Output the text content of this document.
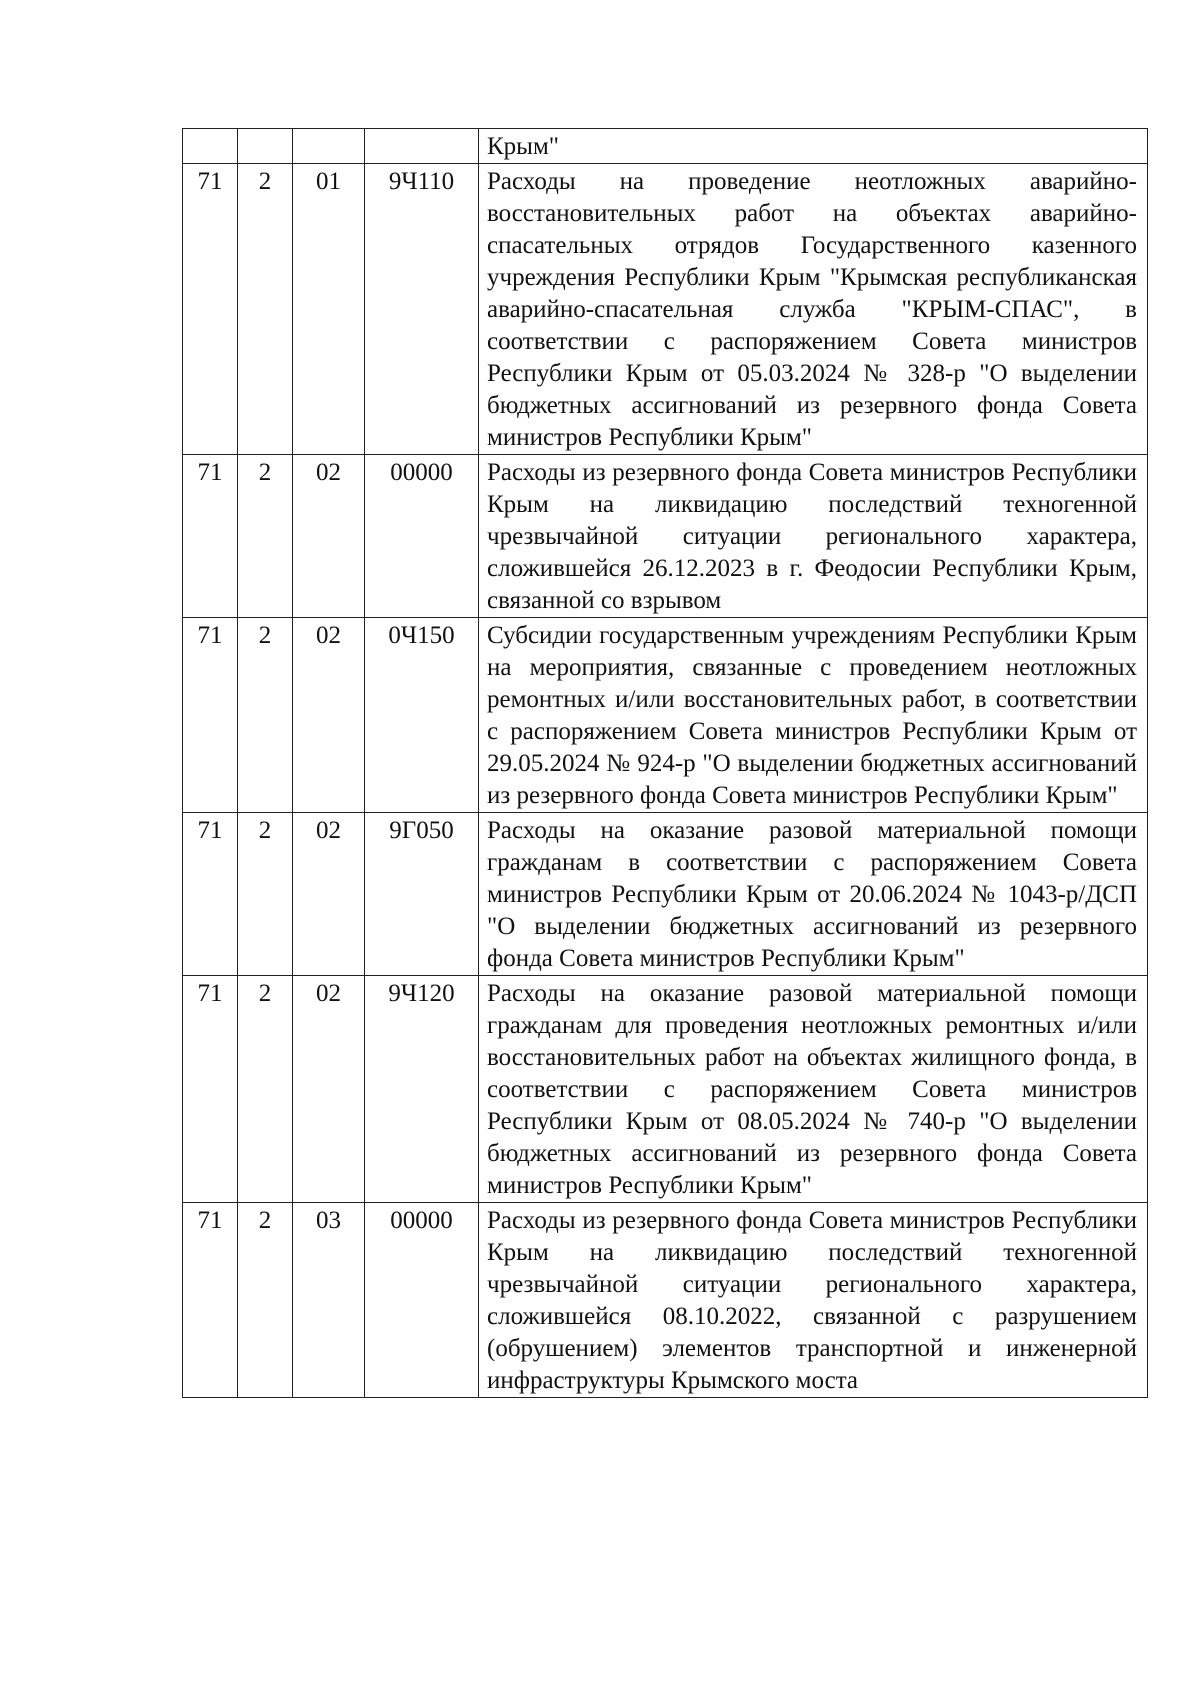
				Крым"
71	2	01	9Ч110	Расходы на проведение неотложных аварийно-восстановительных работ на объектах аварийно-спасательных отрядов Государственного казенного учреждения Республики Крым "Крымская республиканская аварийно-спасательная служба "КРЫМ-СПАС", в соответствии с распоряжением Совета министров Республики Крым от 05.03.2024 № 328-р "О выделении бюджетных ассигнований из резервного фонда Совета министров Республики Крым"
71	2	02	00000	Расходы из резервного фонда Совета министров Республики Крым на ликвидацию последствий техногенной чрезвычайной ситуации регионального характера, сложившейся 26.12.2023 в г. Феодосии Республики Крым, связанной со взрывом
71	2	02	0Ч150	Субсидии государственным учреждениям Республики Крым на мероприятия, связанные с проведением неотложных ремонтных и/или восстановительных работ, в соответствии с распоряжением Совета министров Республики Крым от 29.05.2024 № 924-р "О выделении бюджетных ассигнований из резервного фонда Совета министров Республики Крым"
71	2	02	9Г050	Расходы на оказание разовой материальной помощи гражданам в соответствии с распоряжением Совета министров Республики Крым от 20.06.2024 № 1043-р/ДСП "О выделении бюджетных ассигнований из резервного фонда Совета министров Республики Крым"
71	2	02	9Ч120	Расходы на оказание разовой материальной помощи гражданам для проведения неотложных ремонтных и/или восстановительных работ на объектах жилищного фонда, в соответствии с распоряжением Совета министров Республики Крым от 08.05.2024 № 740-р "О выделении бюджетных ассигнований из резервного фонда Совета министров Республики Крым"
71	2	03	00000	Расходы из резервного фонда Совета министров Республики Крым на ликвидацию последствий техногенной чрезвычайной ситуации регионального характера, сложившейся 08.10.2022, связанной с разрушением (обрушением) элементов транспортной и инженерной инфраструктуры Крымского моста
